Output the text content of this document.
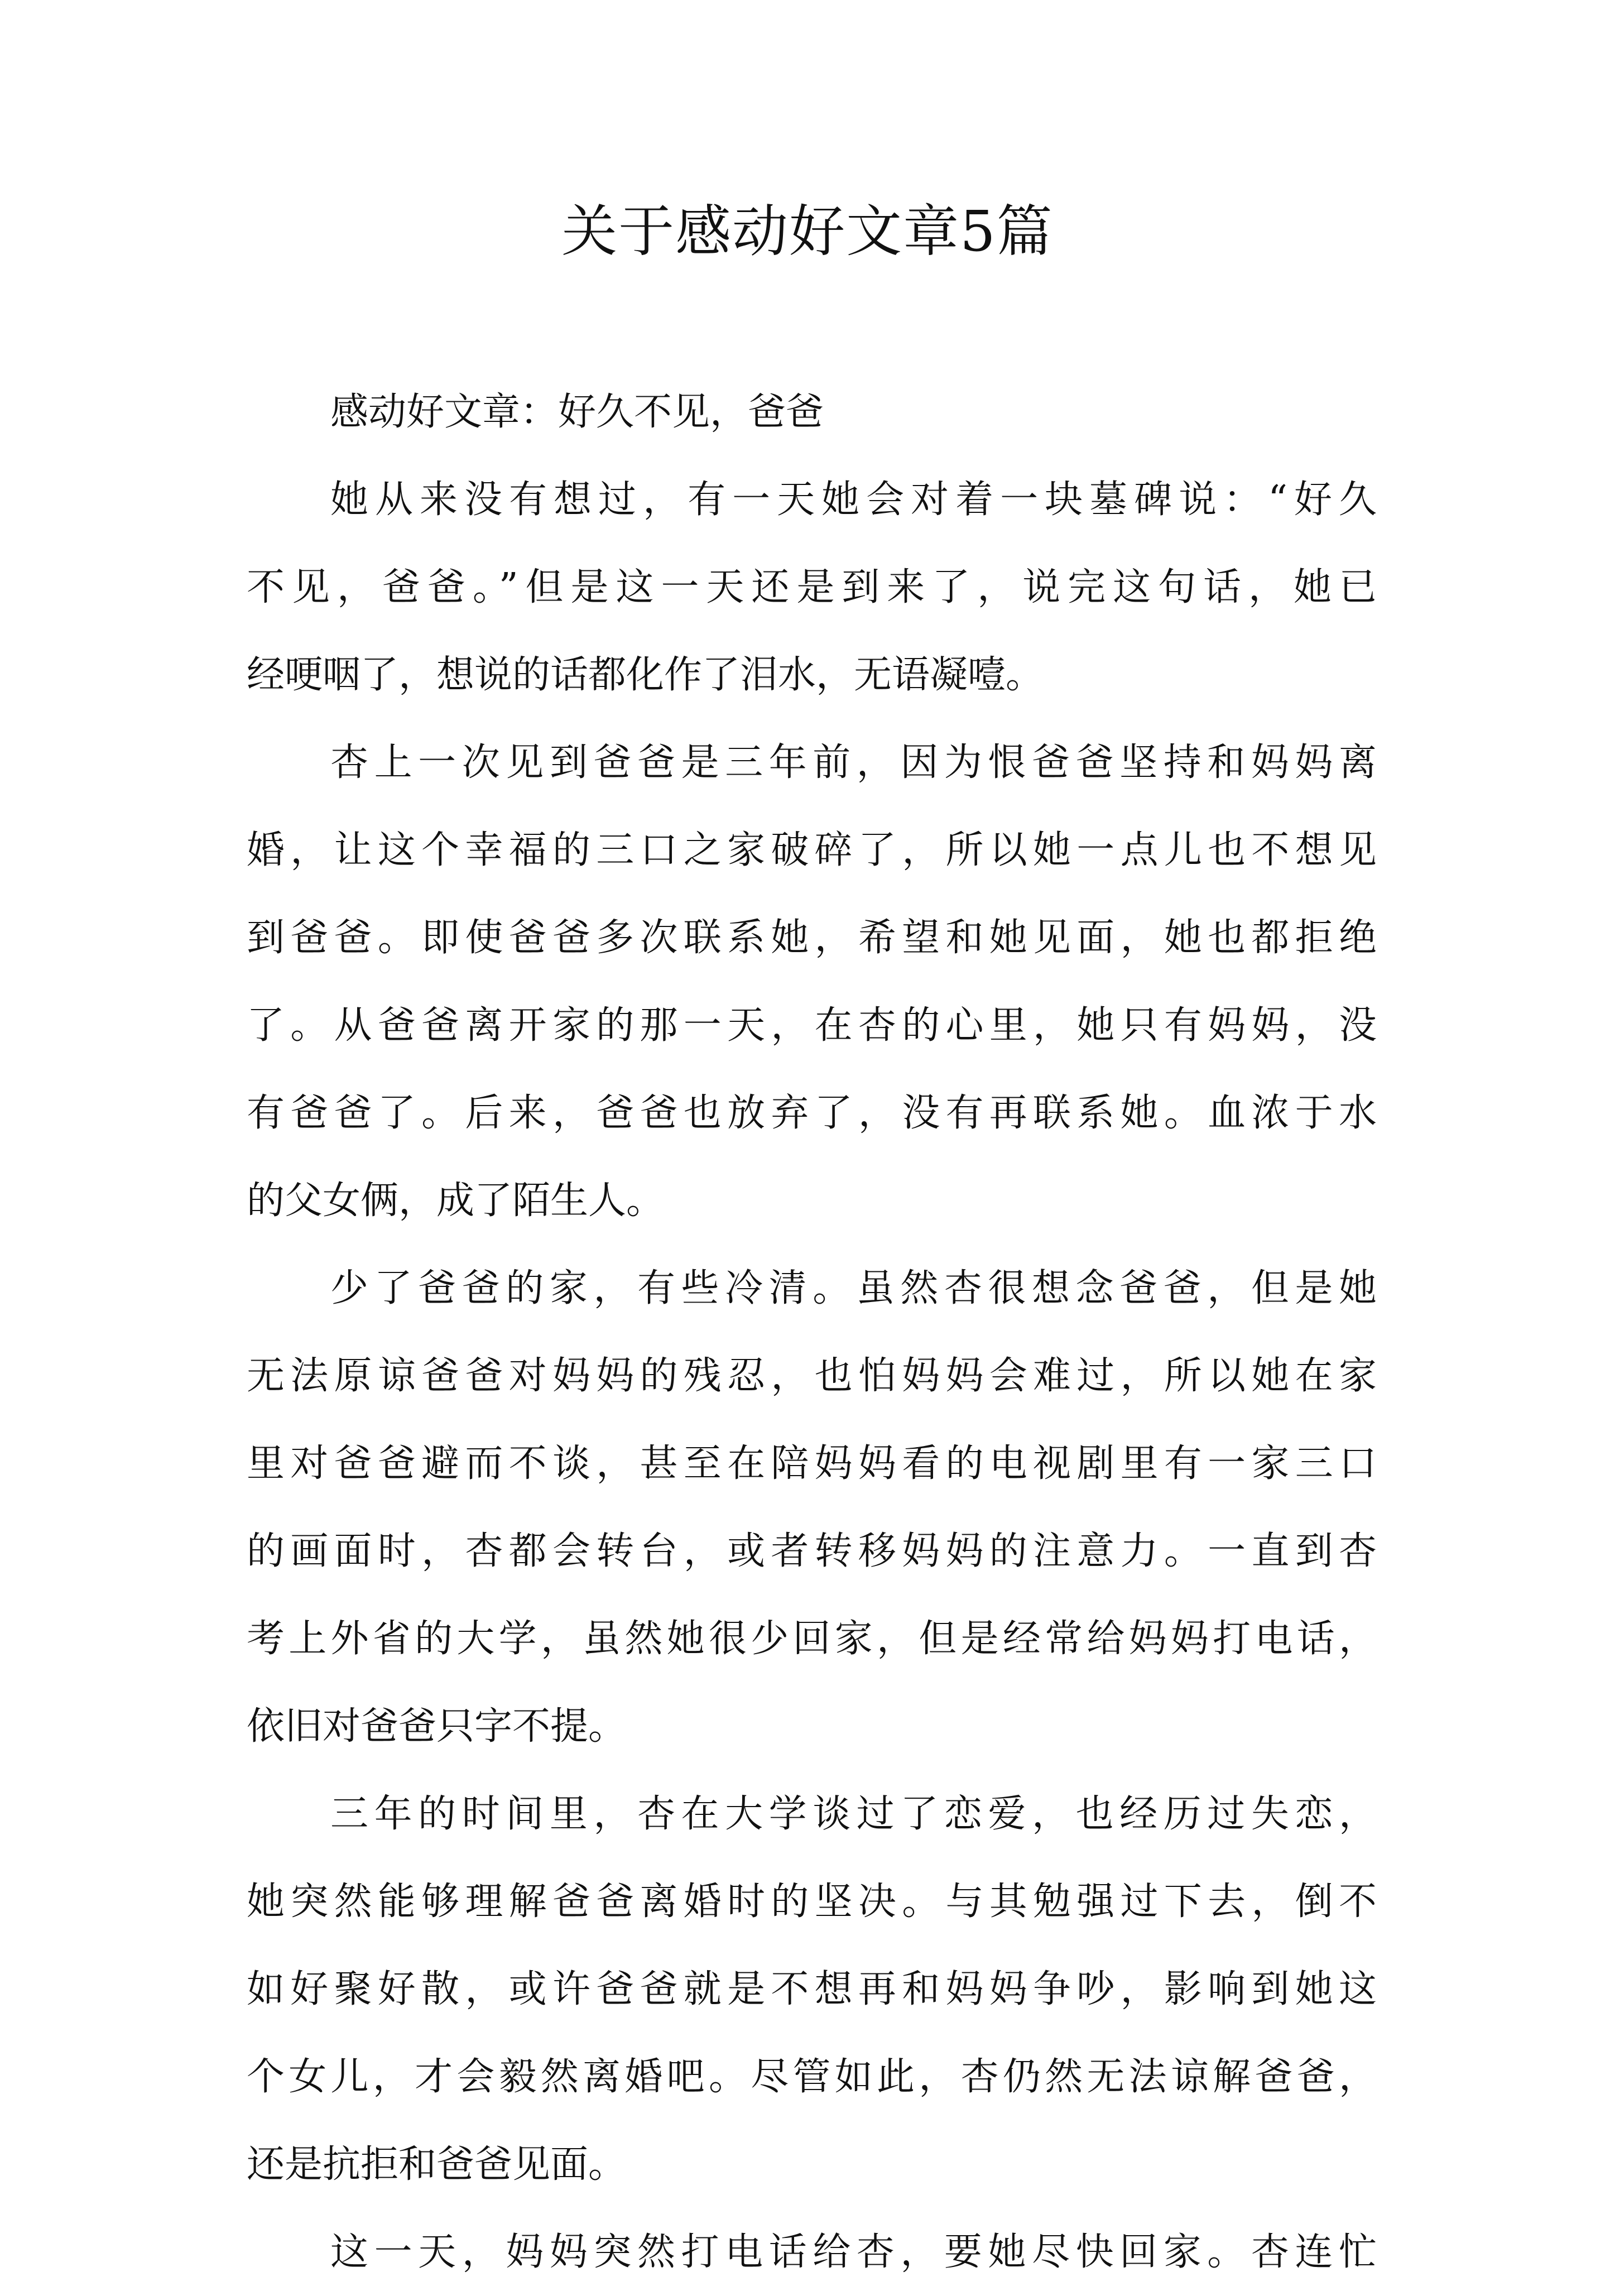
关于感动好文章5篇
感动好文章：好久不见，爸爸
她从来没有想过，有一天她会对着一块墓碑说：“好久
不见，爸爸。”但是这一天还是到来了，说完这句话，她已
经哽咽了，想说的话都化作了泪水，无语凝噎。
杏上一次见到爸爸是三年前，因为恨爸爸坚持和妈妈离
婚，让这个幸福的三口之家破碎了，所以她一点儿也不想见
到爸爸。即使爸爸多次联系她，希望和她见面，她也都拒绝
了。从爸爸离开家的那一天，在杏的心里，她只有妈妈，没
有爸爸了。后来，爸爸也放弃了，没有再联系她。血浓于水
的父女俩，成了陌生人。
少了爸爸的家，有些冷清。虽然杏很想念爸爸，但是她
无法原谅爸爸对妈妈的残忍，也怕妈妈会难过，所以她在家
里对爸爸避而不谈，甚至在陪妈妈看的电视剧里有一家三口
的画面时，杏都会转台，或者转移妈妈的注意力。一直到杏
考上外省的大学，虽然她很少回家，但是经常给妈妈打电话，
依旧对爸爸只字不提。
三年的时间里，杏在大学谈过了恋爱，也经历过失恋，
她突然能够理解爸爸离婚时的坚决。与其勉强过下去，倒不
如好聚好散，或许爸爸就是不想再和妈妈争吵，影响到她这
个女儿，才会毅然离婚吧。尽管如此，杏仍然无法谅解爸爸，
还是抗拒和爸爸见面。
这一天，妈妈突然打电话给杏，要她尽快回家。杏连忙
